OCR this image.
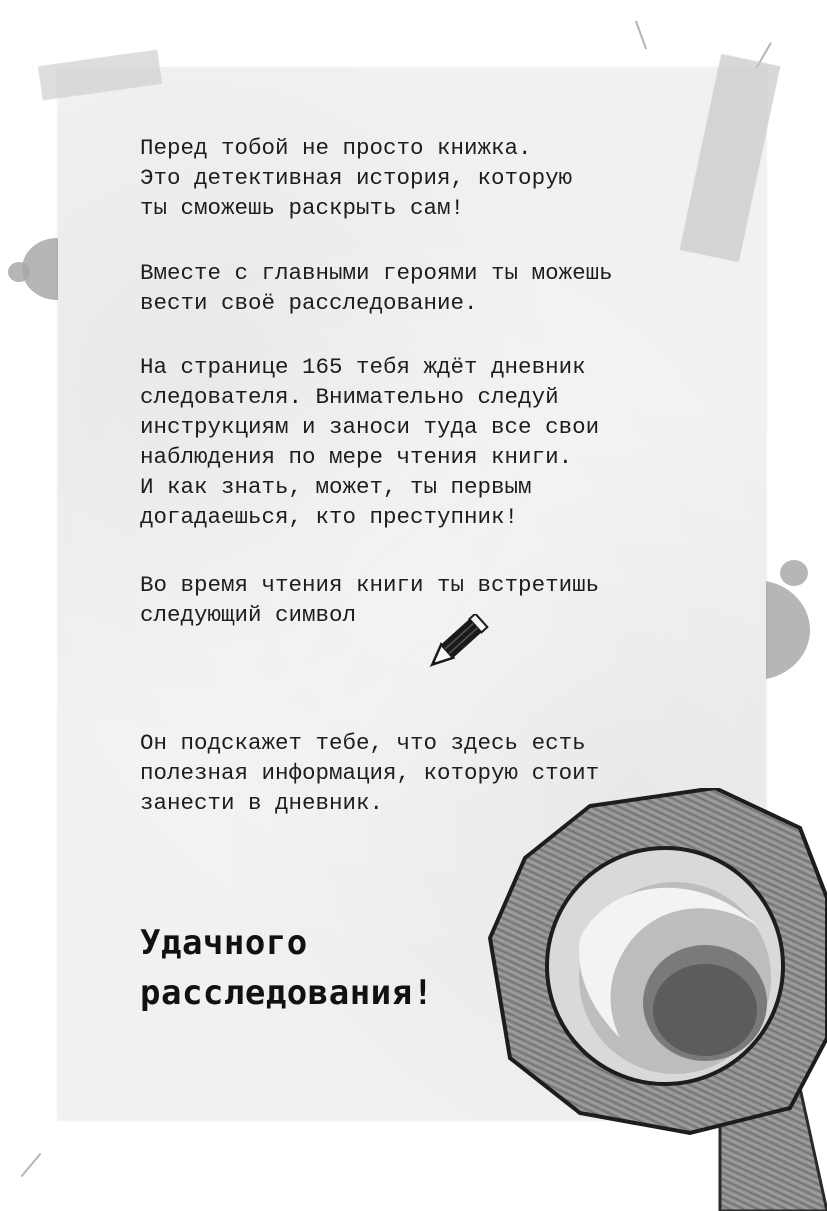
Перед тобой не просто книжка.
Это детективная история, которую
ты сможешь раскрыть сам!

Вместе с главными героями ты можешь
вести своё расследование.

На странице 165 тебя ждёт дневник
следователя. Внимательно следуй
инструкциям и заноси туда все свои
наблюдения по мере чтения книги.
И как знать, может, ты первым
догадаешься, кто преступник!

Во время чтения книги ты встретишь
следующий символ

Он подскажет тебе, что здесь есть
полезная информация, которую стоит
занести в дневник.

Удачного
расследования!
